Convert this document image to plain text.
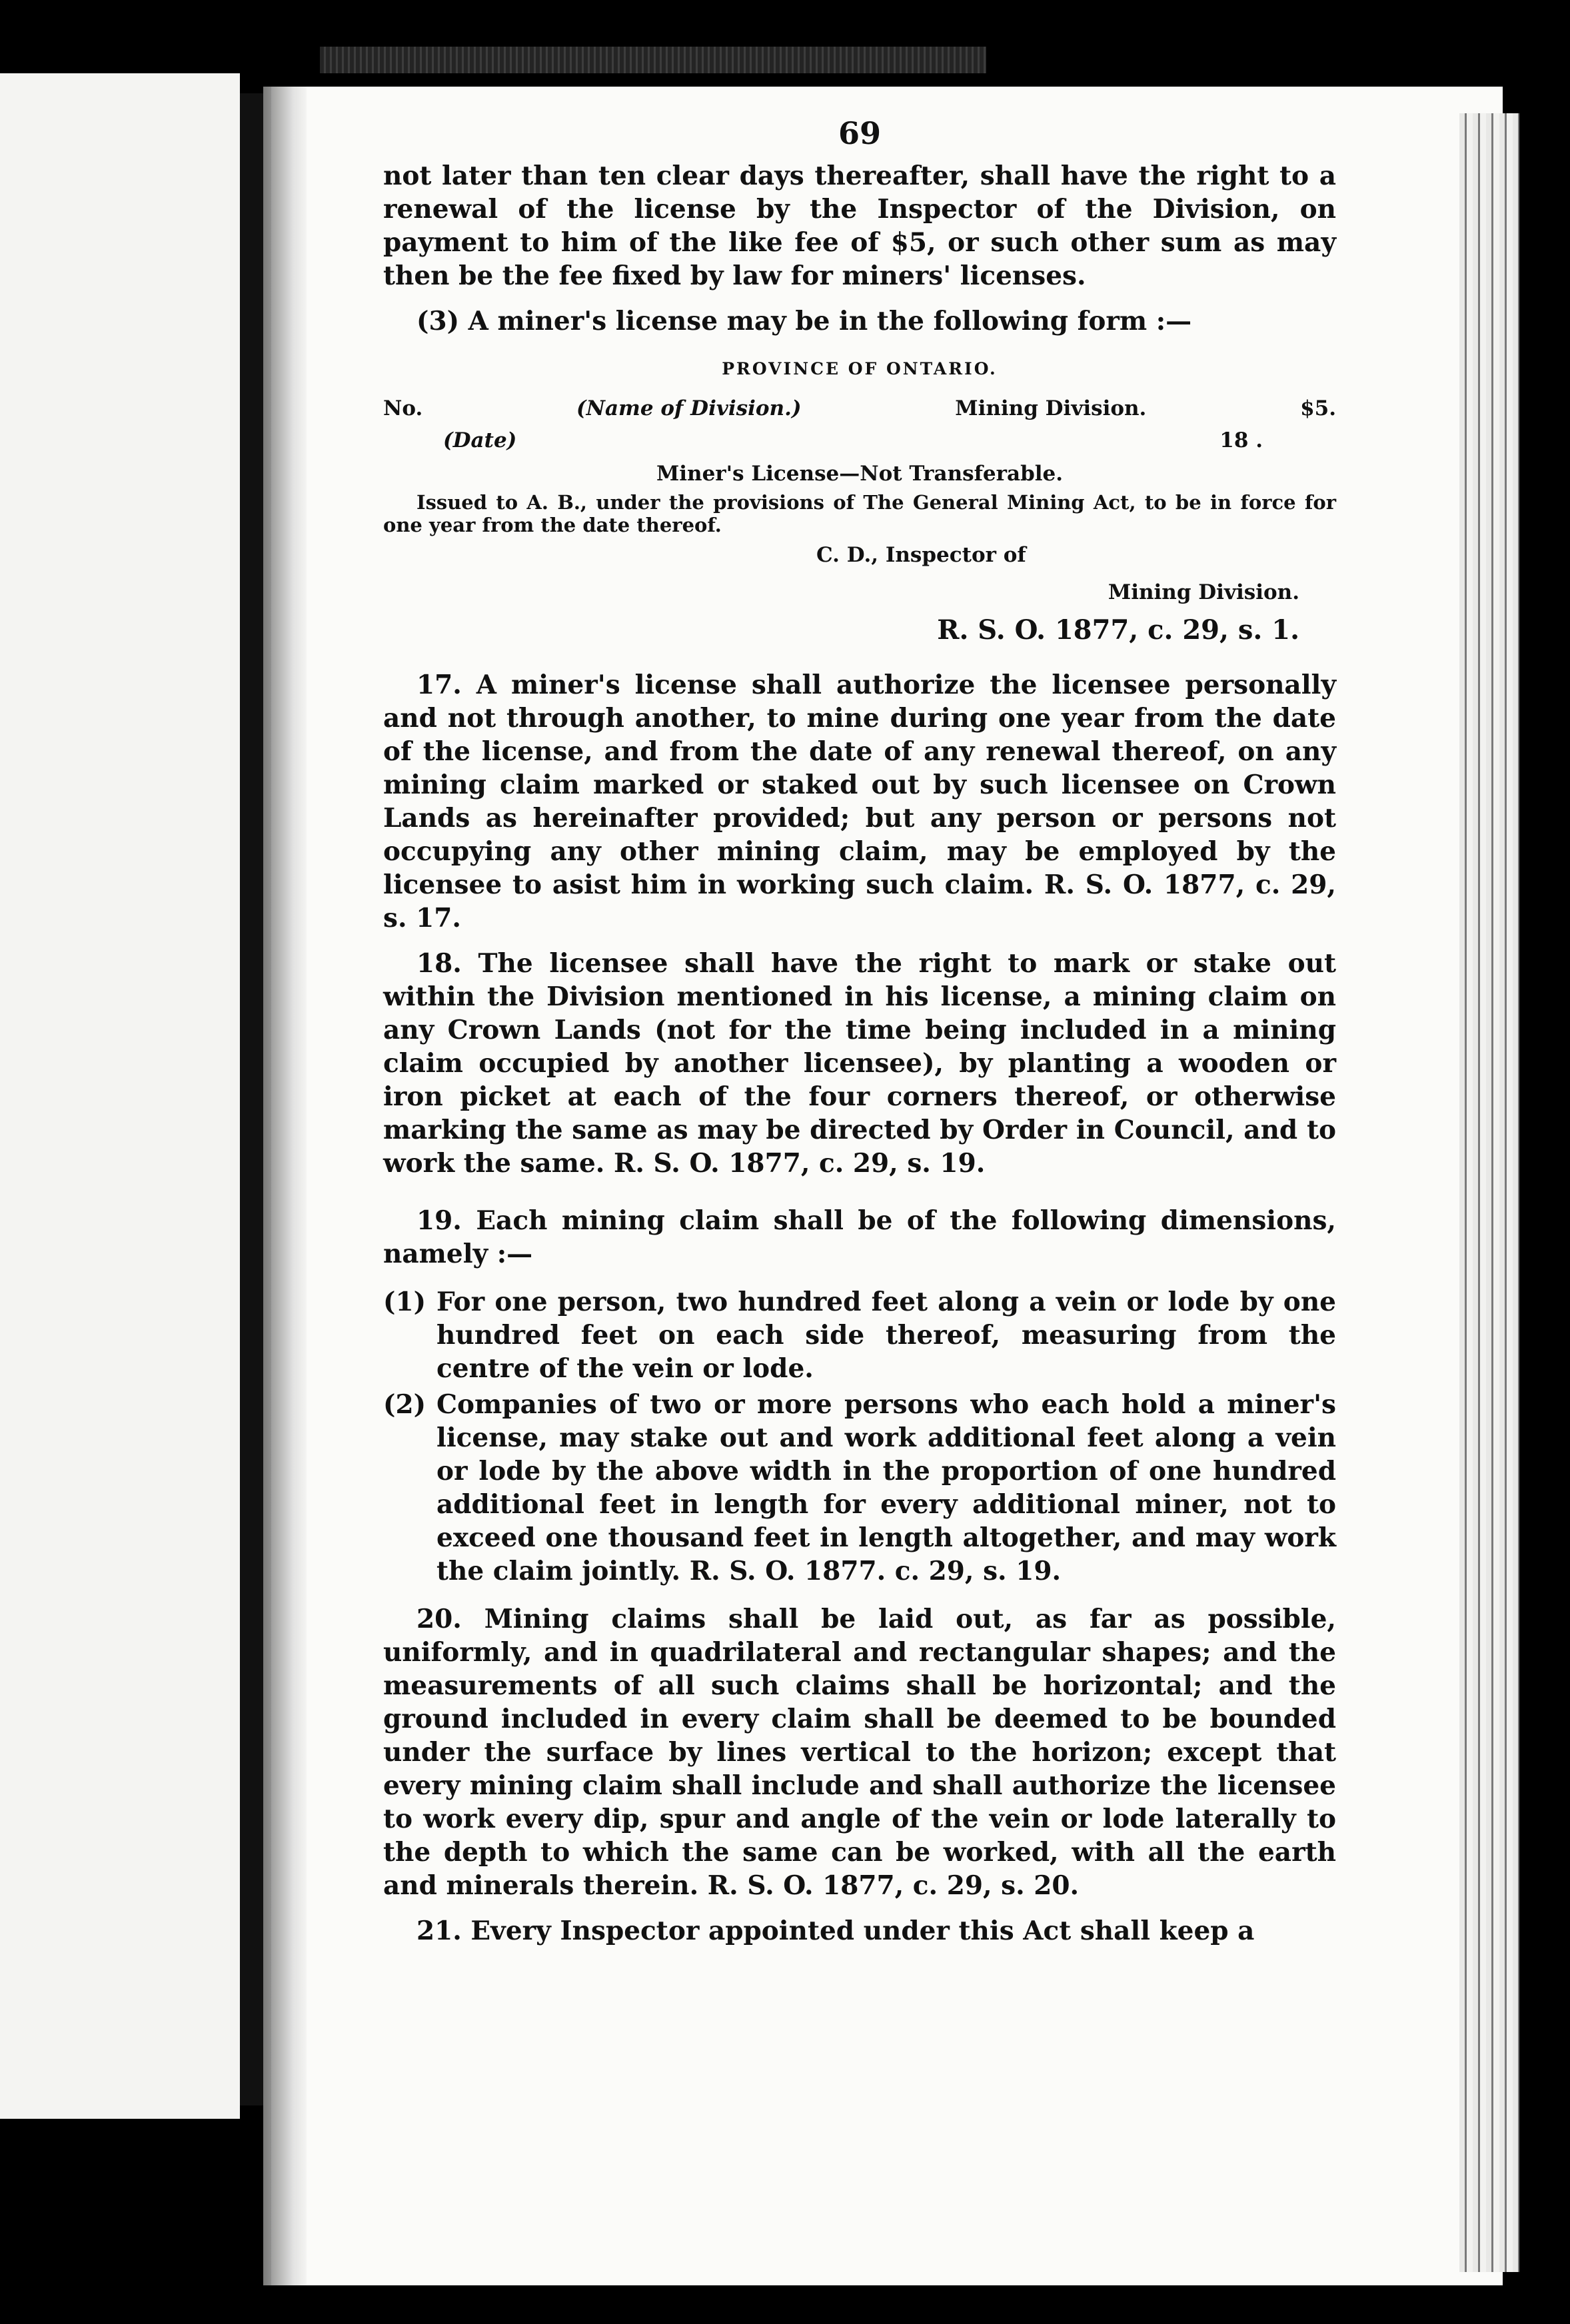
69

not later than ten clear days thereafter, shall have the right to a renewal of the license by the Inspector of the Division, on payment to him of the like fee of $5, or such other sum as may then be the fee fixed by law for miners' licenses.

(3) A miner's license may be in the following form :—

PROVINCE OF ONTARIO.
No.	(Name of Division.)	Mining Division.	$5.
(Date)	18 .
Miner's License—Not Transferable.

Issued to A. B., under the provisions of The General Mining Act, to be in force for one year from the date thereof.

C. D., Inspector of
Mining Division.
R. S. O. 1877, c. 29, s. 1.

17. A miner's license shall authorize the licensee personally and not through another, to mine during one year from the date of the license, and from the date of any renewal thereof, on any mining claim marked or staked out by such licensee on Crown Lands as hereinafter provided; but any person or persons not occupying any other mining claim, may be employed by the licensee to asist him in working such claim. R. S. O. 1877, c. 29, s. 17.

18. The licensee shall have the right to mark or stake out within the Division mentioned in his license, a mining claim on any Crown Lands (not for the time being included in a mining claim occupied by another licensee), by planting a wooden or iron picket at each of the four corners thereof, or otherwise marking the same as may be directed by Order in Council, and to work the same. R. S. O. 1877, c. 29, s. 19.

19. Each mining claim shall be of the following dimensions, namely :—

(1) For one person, two hundred feet along a vein or lode by one hundred feet on each side thereof, measuring from the centre of the vein or lode.
(2) Companies of two or more persons who each hold a miner's license, may stake out and work additional feet along a vein or lode by the above width in the proportion of one hundred additional feet in length for every additional miner, not to exceed one thousand feet in length altogether, and may work the claim jointly. R. S. O. 1877. c. 29, s. 19.

20. Mining claims shall be laid out, as far as possible, uniformly, and in quadrilateral and rectangular shapes; and the measurements of all such claims shall be horizontal; and the ground included in every claim shall be deemed to be bounded under the surface by lines vertical to the horizon; except that every mining claim shall include and shall authorize the licensee to work every dip, spur and angle of the vein or lode laterally to the depth to which the same can be worked, with all the earth and minerals therein. R. S. O. 1877, c. 29, s. 20.

21. Every Inspector appointed under this Act shall keep a
